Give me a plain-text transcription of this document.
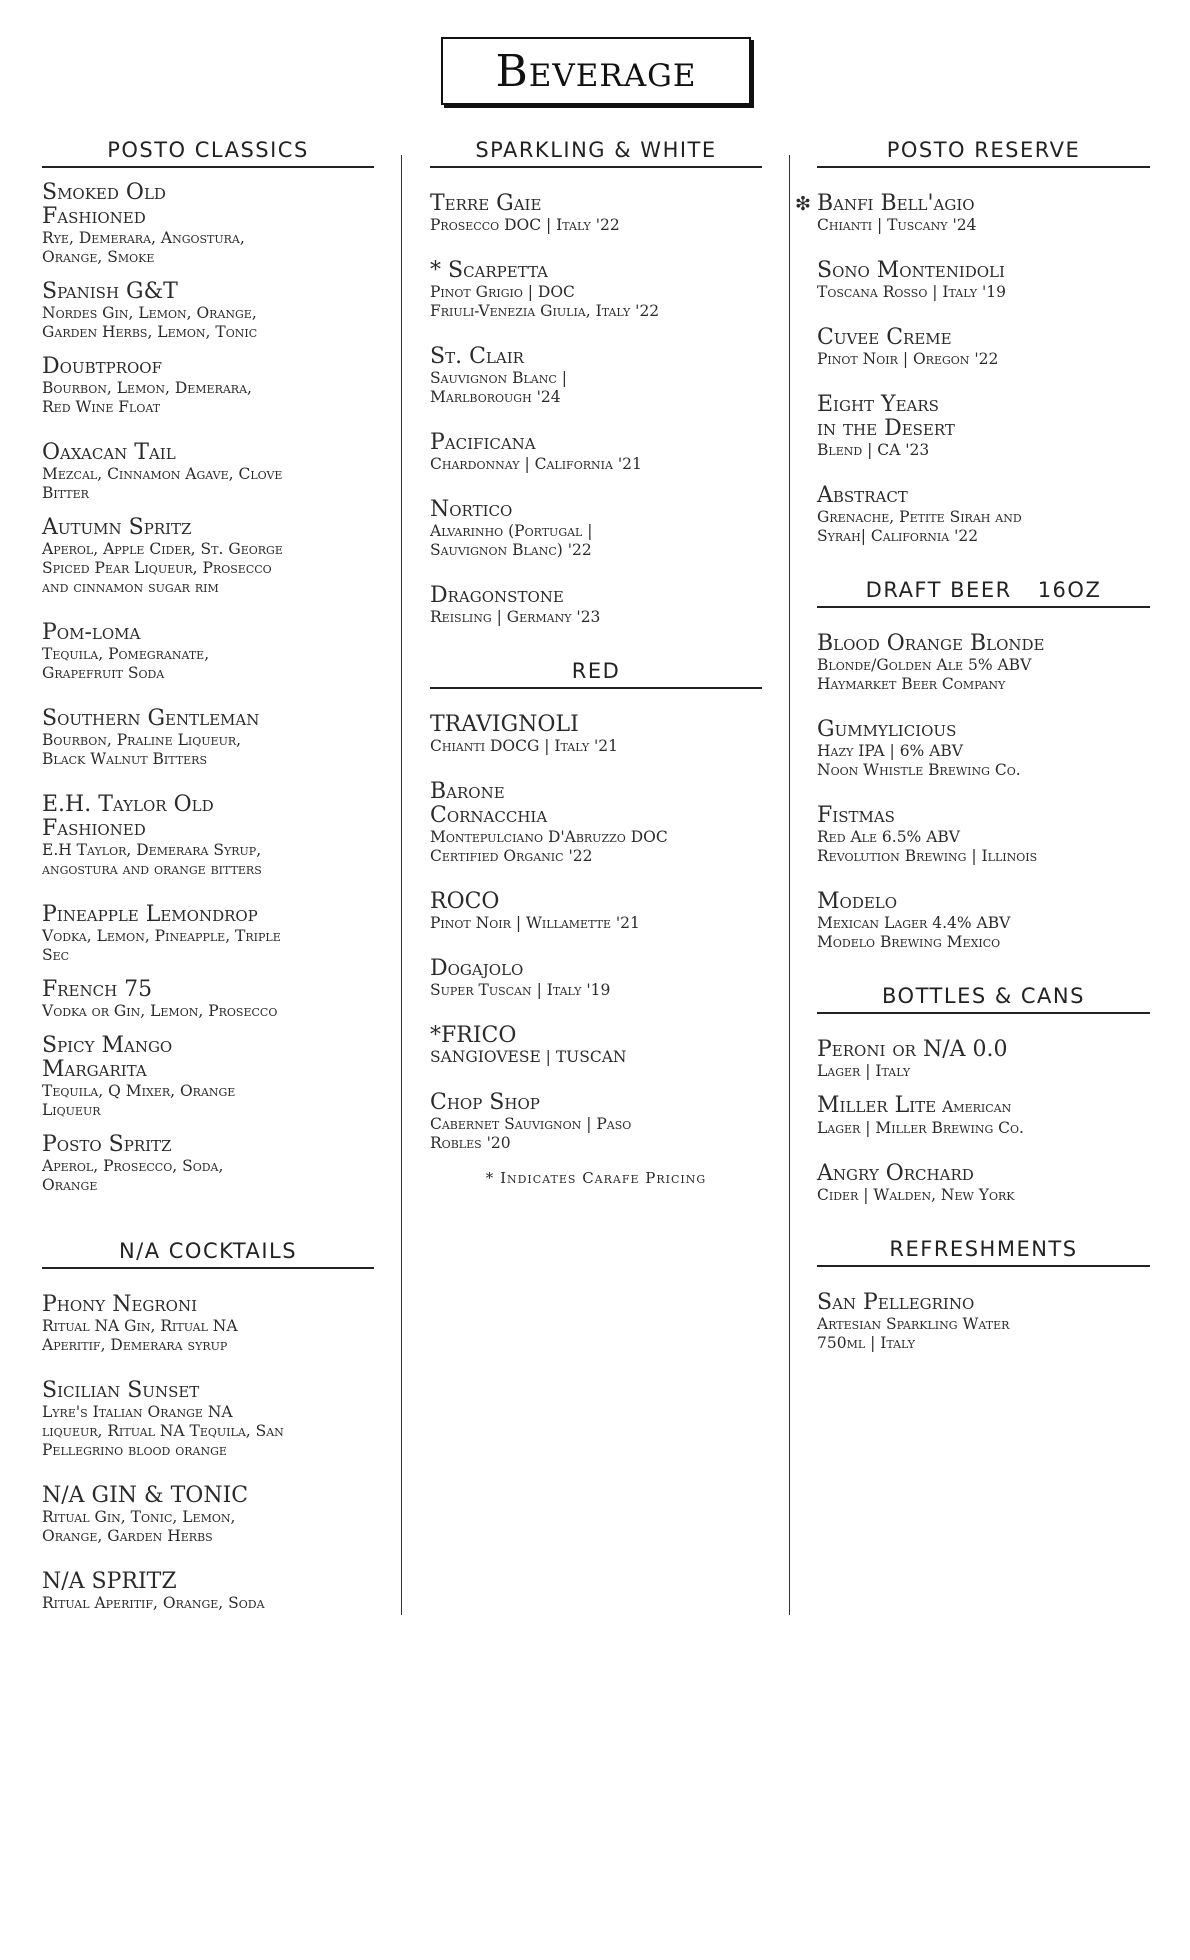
Beverage
POSTO CLASSICS
Smoked Old
Fashioned
Rye, Demerara, Angostura,
Orange, Smoke
Spanish G&T
Nordes Gin, Lemon, Orange,
Garden Herbs, Lemon, Tonic
Doubtproof
Bourbon, Lemon, Demerara,
Red Wine Float
Oaxacan Tail
Mezcal, Cinnamon Agave, Clove
Bitter
Autumn Spritz
Aperol, Apple Cider, St. George
Spiced Pear Liqueur, Prosecco
and cinnamon sugar rim
Pom-loma
Tequila, Pomegranate,
Grapefruit Soda
Southern Gentleman
Bourbon, Praline Liqueur,
Black Walnut Bitters
E.H. Taylor Old
Fashioned
E.H Taylor, Demerara Syrup,
angostura and orange bitters
Pineapple Lemondrop
Vodka, Lemon, Pineapple, Triple
Sec
French 75
Vodka or Gin, Lemon, Prosecco
Spicy Mango
Margarita
Tequila, Q Mixer, Orange
Liqueur
Posto Spritz
Aperol, Prosecco, Soda,
Orange
N/A COCKTAILS
Phony Negroni
Ritual NA Gin, Ritual NA
Aperitif, Demerara syrup
Sicilian Sunset
Lyre's Italian Orange NA
liqueur, Ritual NA Tequila, San
Pellegrino blood orange
N/A GIN & TONIC
Ritual Gin, Tonic, Lemon,
Orange, Garden Herbs
N/A SPRITZ
Ritual Aperitif, Orange, Soda
SPARKLING & WHITE
Terre Gaie
Prosecco DOC | Italy '22
* Scarpetta
Pinot Grigio | DOC
Friuli-Venezia Giulia, Italy '22
St. Clair
Sauvignon Blanc |
Marlborough '24
Pacificana
Chardonnay | California '21
Nortico
Alvarinho (Portugal |
Sauvignon Blanc) '22
Dragonstone
Reisling | Germany '23
RED
TRAVIGNOLI
Chianti DOCG | Italy '21
Barone
Cornacchia
Montepulciano D'Abruzzo DOC
Certified Organic '22
ROCO
Pinot Noir | Willamette '21
Dogajolo
Super Tuscan | Italy '19
*FRICO
SANGIOVESE | TUSCAN
Chop Shop
Cabernet Sauvignon | Paso
Robles '20
* Indicates Carafe Pricing
POSTO RESERVE
❇ Banfi Bell'agio
Chianti | Tuscany '24
Sono Montenidoli
Toscana Rosso | Italy '19
Cuvee Creme
Pinot Noir | Oregon '22
Eight Years
in the Desert
Blend | CA '23
Abstract
Grenache, Petite Sirah and
Syrah| California '22
DRAFT BEER 16OZ
Blood Orange Blonde
Blonde/Golden Ale 5% ABV
Haymarket Beer Company
Gummylicious
Hazy IPA | 6% ABV
Noon Whistle Brewing Co.
Fistmas
Red Ale 6.5% ABV
Revolution Brewing | Illinois
Modelo
Mexican Lager 4.4% ABV
Modelo Brewing Mexico
BOTTLES & CANS
Peroni or N/A 0.0
Lager | Italy
Miller Lite American
Lager | Miller Brewing Co.
Angry Orchard
Cider | Walden, New York
REFRESHMENTS
San Pellegrino
Artesian Sparkling Water
750ml | Italy
